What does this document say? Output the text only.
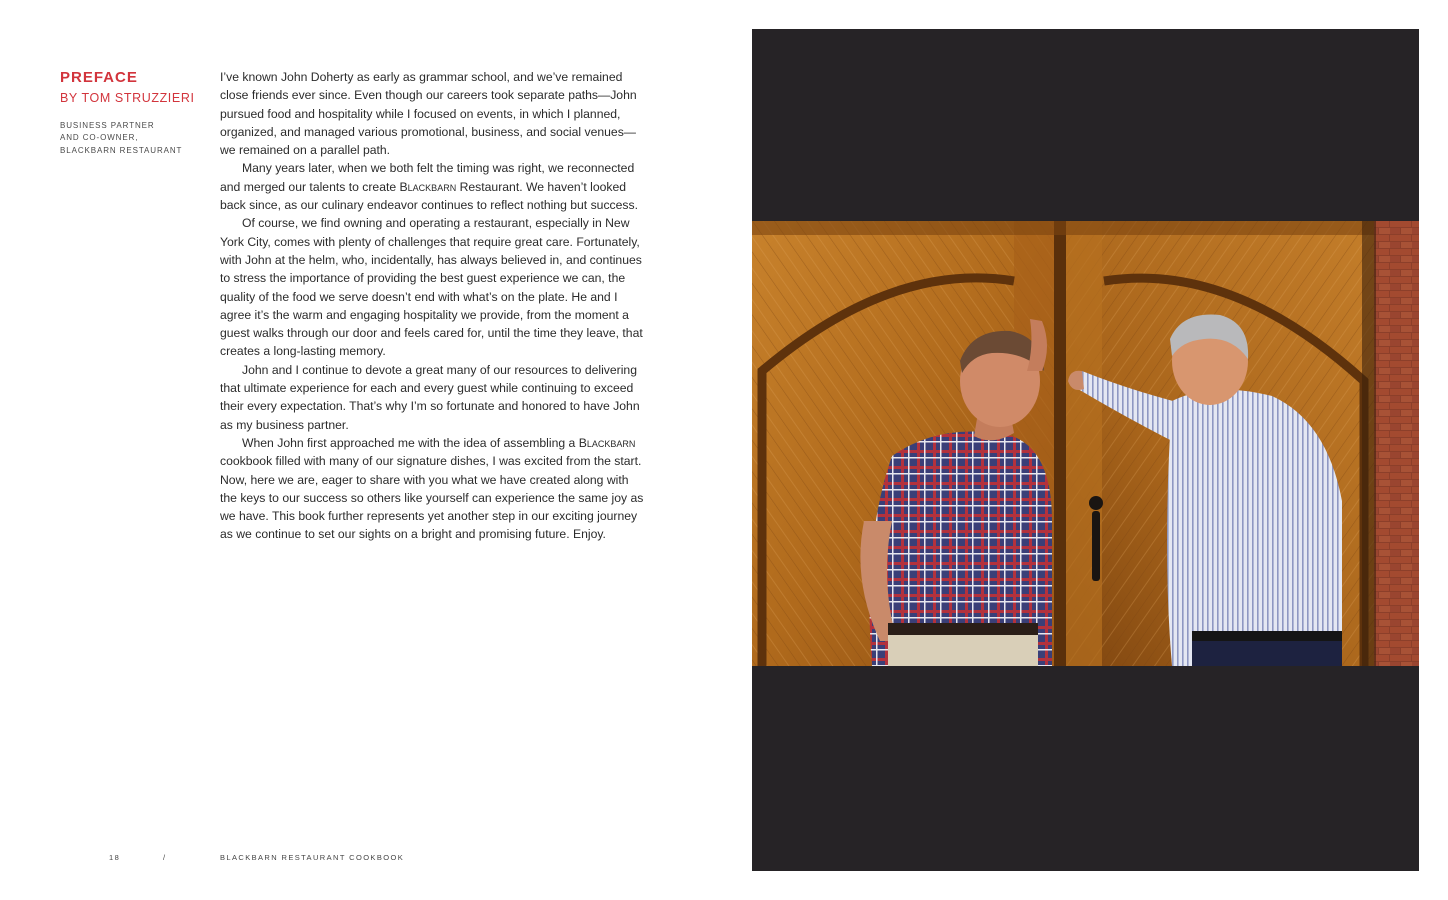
PREFACE

BY TOM STRUZZIERI

BUSINESS PARTNER
AND CO-OWNER,
BLACKBARN RESTAURANT

I’ve known John Doherty as early as grammar school, and we’ve remained close friends ever since. Even though our careers took separate paths—John pursued food and hospitality while I focused on events, in which I planned, organized, and managed various promotional, business, and social venues—we remained on a parallel path.

Many years later, when we both felt the timing was right, we reconnected and merged our talents to create Blackbarn Restaurant. We haven’t looked back since, as our culinary endeavor continues to reflect nothing but success.

Of course, we find owning and operating a restaurant, especially in New York City, comes with plenty of challenges that require great care. Fortunately, with John at the helm, who, incidentally, has always believed in, and continues to stress the importance of providing the best guest experience we can, the quality of the food we serve doesn’t end with what’s on the plate. He and I agree it’s the warm and engaging hospitality we provide, from the moment a guest walks through our door and feels cared for, until the time they leave, that creates a long-lasting memory.

John and I continue to devote a great many of our resources to delivering that ultimate experience for each and every guest while continuing to exceed their every expectation. That’s why I’m so fortunate and honored to have John as my business partner.

When John first approached me with the idea of assembling a Blackbarn cookbook filled with many of our signature dishes, I was excited from the start. Now, here we are, eager to share with you what we have created along with the keys to our success so others like yourself can experience the same joy as we have. This book further represents yet another step in our exciting journey as we continue to set our sights on a bright and promising future. Enjoy.

18	/	BLACKBARN RESTAURANT COOKBOOK
